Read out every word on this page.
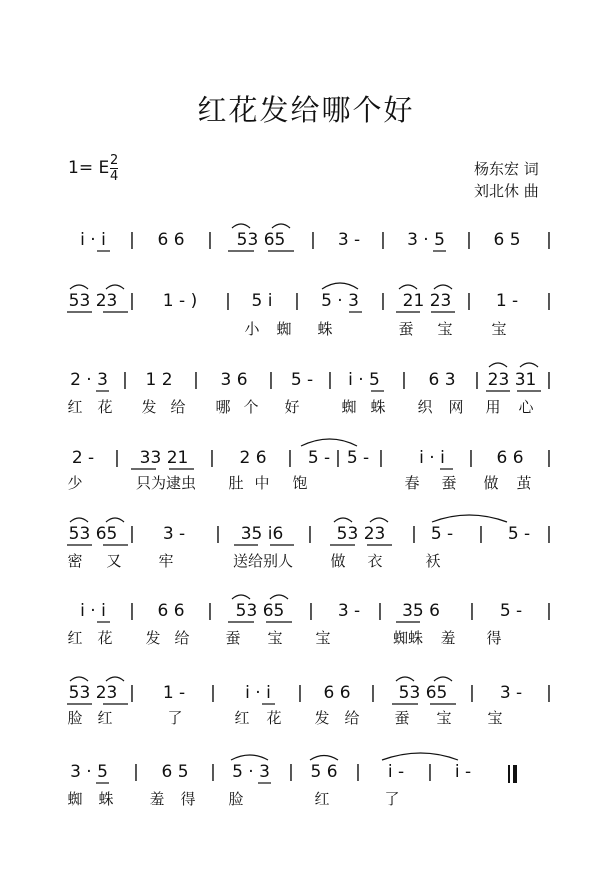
红花发给哪个好
1= E 2
4	杨东宏 词
刘北休 曲
i · i	6 6	53 65	3 -	3 · 5	6 5
|	|	|	|	|	|
53 23	1 - )	5 i	5 · 3	21 23	1 -
|	|	|	|	|	|
小 蜘 蛛	蚕 宝	宝
2 · 3 1 2	3 6	5 - i · 5	6 3 23 31
|	|	|	|	|	|	|
红 花 发 给 哪 个 好	蜘 蛛 织 网 用 心
2 -	33 21	2 6 5 - 5 -	i · i	6 6
|	|	| | |	|	|
少	只为逮虫 肚 中 饱	春 蚕 做 茧
53 65	3 -	35 i6	53 23	5 -	5 -
|	|	|	|	|	|
密 又 牢	送给别人 做 衣	袄
i · i	6 6	53 65	3 - 35 6	5 -
|	|	|	|	|	|
红 花 发 给 蚕 宝 宝	蜘蛛 羞 得
53 23	1 -	i · i	6 6	53 65	3 -
|	|	|	|	|	|
脸 红	了	红 花 发 给 蚕 宝 宝
3 · 5	6 5	5 · 3 5 6	i -	i -
|	|	|	|	|
蜘 蛛 羞 得 脸	红	了
